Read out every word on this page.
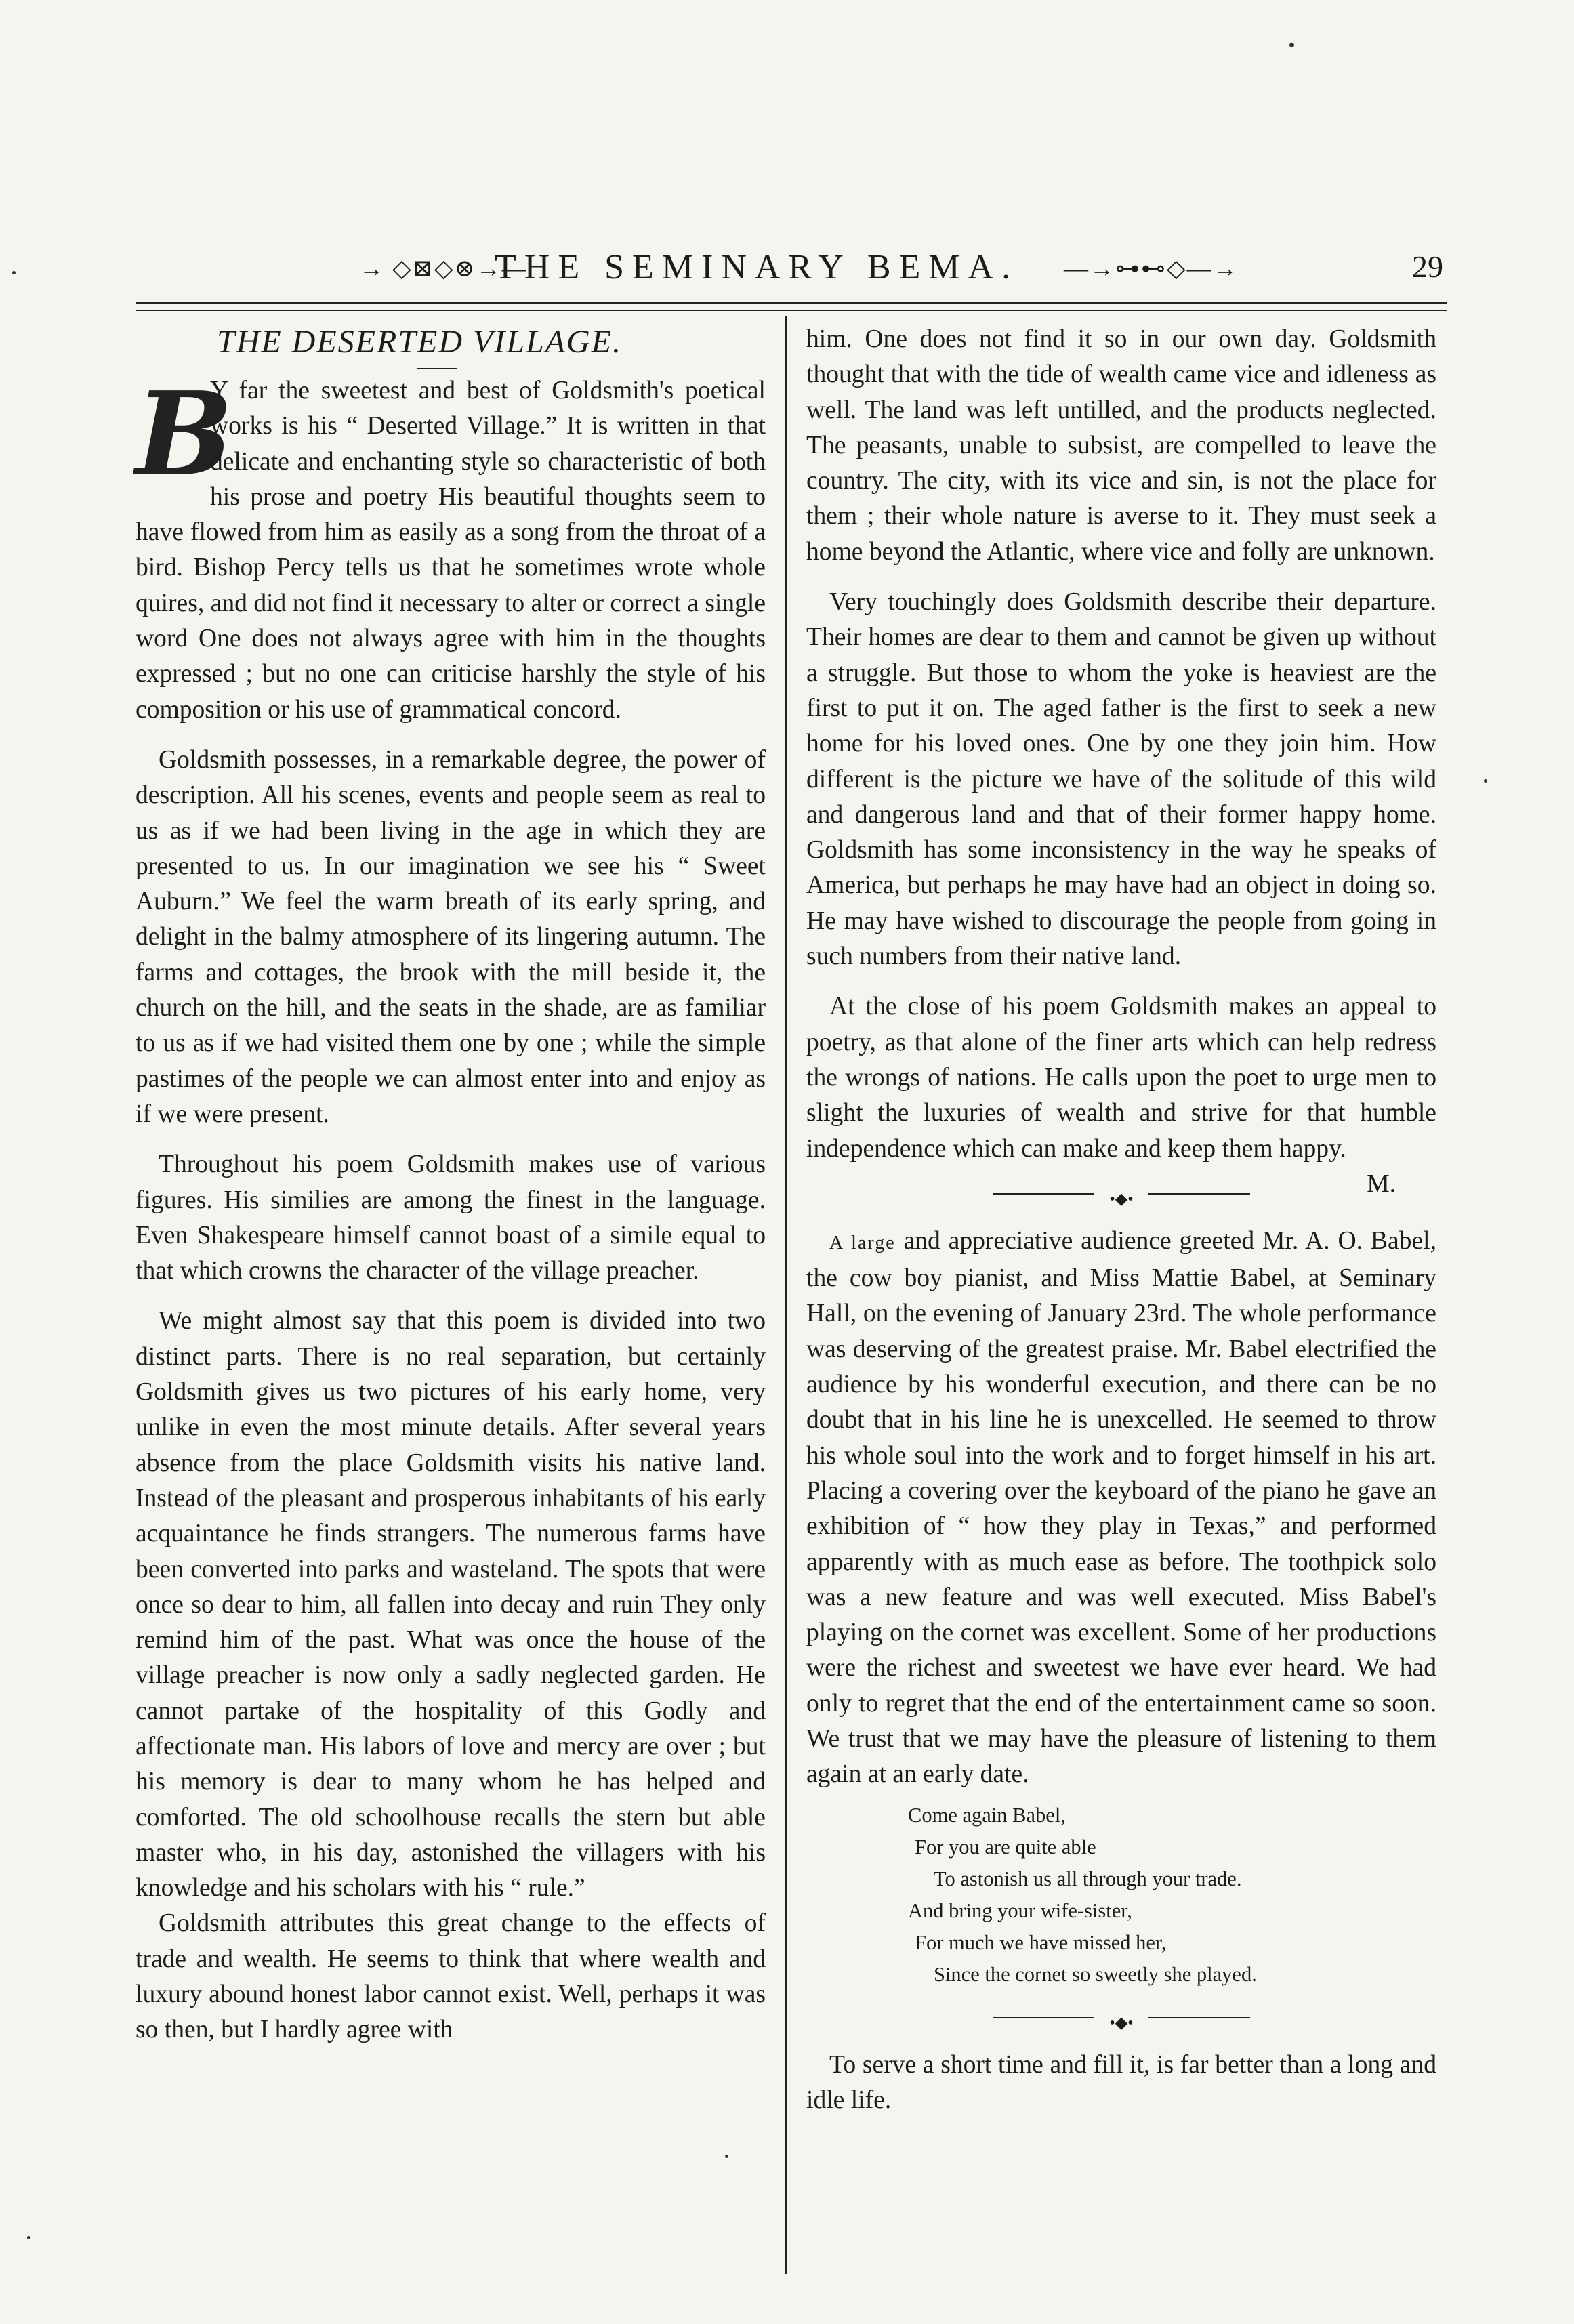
→ ◇⊠◇⊗→—
THE SEMINARY BEMA. —→⊶⊷◇—→	29
THE DESERTED VILLAGE.
B

Y far the sweetest and best of Goldsmith's poetical works is his “ Deserted Village.” It is written in that delicate and enchanting style so characteristic of both his prose and poetry His beautiful thoughts seem to have flowed from him as easily as a song from the throat of a bird. Bishop Percy tells us that he sometimes wrote whole quires, and did not find it necessary to alter or correct a single word One does not always agree with him in the thoughts expressed ; but no one can criticise harshly the style of his composition or his use of grammatical concord.

Goldsmith possesses, in a remarkable degree, the power of description. All his scenes, events and people seem as real to us as if we had been living in the age in which they are presented to us. In our imagination we see his “ Sweet Auburn.” We feel the warm breath of its early spring, and delight in the balmy atmosphere of its lingering autumn. The farms and cottages, the brook with the mill beside it, the church on the hill, and the seats in the shade, are as familiar to us as if we had visited them one by one ; while the simple pastimes of the people we can almost enter into and enjoy as if we were present.

Throughout his poem Goldsmith makes use of various figures. His similies are among the finest in the language. Even Shakespeare himself cannot boast of a simile equal to that which crowns the character of the village preacher.

We might almost say that this poem is divided into two distinct parts. There is no real separation, but certainly Goldsmith gives us two pictures of his early home, very unlike in even the most minute details. After several years absence from the place Goldsmith visits his native land. Instead of the pleasant and prosperous inhabitants of his early acquaintance he finds strangers. The numerous farms have been converted into parks and wasteland. The spots that were once so dear to him, all fallen into decay and ruin They only remind him of the past. What was once the house of the village preacher is now only a sadly neglected garden. He cannot partake of the hospitality of this Godly and affectionate man. His labors of love and mercy are over ; but his memory is dear to many whom he has helped and comforted. The old schoolhouse recalls the stern but able master who, in his day, astonished the villagers with his knowledge and his scholars with his “ rule.”

Goldsmith attributes this great change to the effects of trade and wealth. He seems to think that where wealth and luxury abound honest labor cannot exist. Well, perhaps it was so then, but I hardly agree with

him. One does not find it so in our own day. Goldsmith thought that with the tide of wealth came vice and idleness as well. The land was left untilled, and the products neglected. The peasants, unable to subsist, are compelled to leave the country. The city, with its vice and sin, is not the place for them ; their whole nature is averse to it. They must seek a home beyond the Atlantic, where vice and folly are unknown.

Very touchingly does Goldsmith describe their departure. Their homes are dear to them and cannot be given up without a struggle. But those to whom the yoke is heaviest are the first to put it on. The aged father is the first to seek a new home for his loved ones. One by one they join him. How different is the picture we have of the solitude of this wild and dangerous land and that of their former happy home. Goldsmith has some inconsistency in the way he speaks of America, but perhaps he may have had an object in doing so. He may have wished to discourage the people from going in such numbers from their native land.

At the close of his poem Goldsmith makes an appeal to poetry, as that alone of the finer arts which can help redress the wrongs of nations. He calls upon the poet to urge men to slight the luxuries of wealth and strive for that humble independence which can make and keep them happy.
M.

•◆•

A large and appreciative audience greeted Mr. A. O. Babel, the cow boy pianist, and Miss Mattie Babel, at Seminary Hall, on the evening of January 23rd. The whole performance was deserving of the greatest praise. Mr. Babel electrified the audience by his wonderful execution, and there can be no doubt that in his line he is unexcelled. He seemed to throw his whole soul into the work and to forget himself in his art. Placing a covering over the keyboard of the piano he gave an exhibition of “ how they play in Texas,” and performed apparently with as much ease as before. The toothpick solo was a new feature and was well executed. Miss Babel's playing on the cornet was excellent. Some of her productions were the richest and sweetest we have ever heard. We had only to regret that the end of the entertainment came so soon. We trust that we may have the pleasure of listening to them again at an early date.

Come again Babel,
For you are quite able
To astonish us all through your trade.
And bring your wife-sister,
For much we have missed her,
Since the cornet so sweetly she played.
•◆•

To serve a short time and fill it, is far better than a long and idle life.
